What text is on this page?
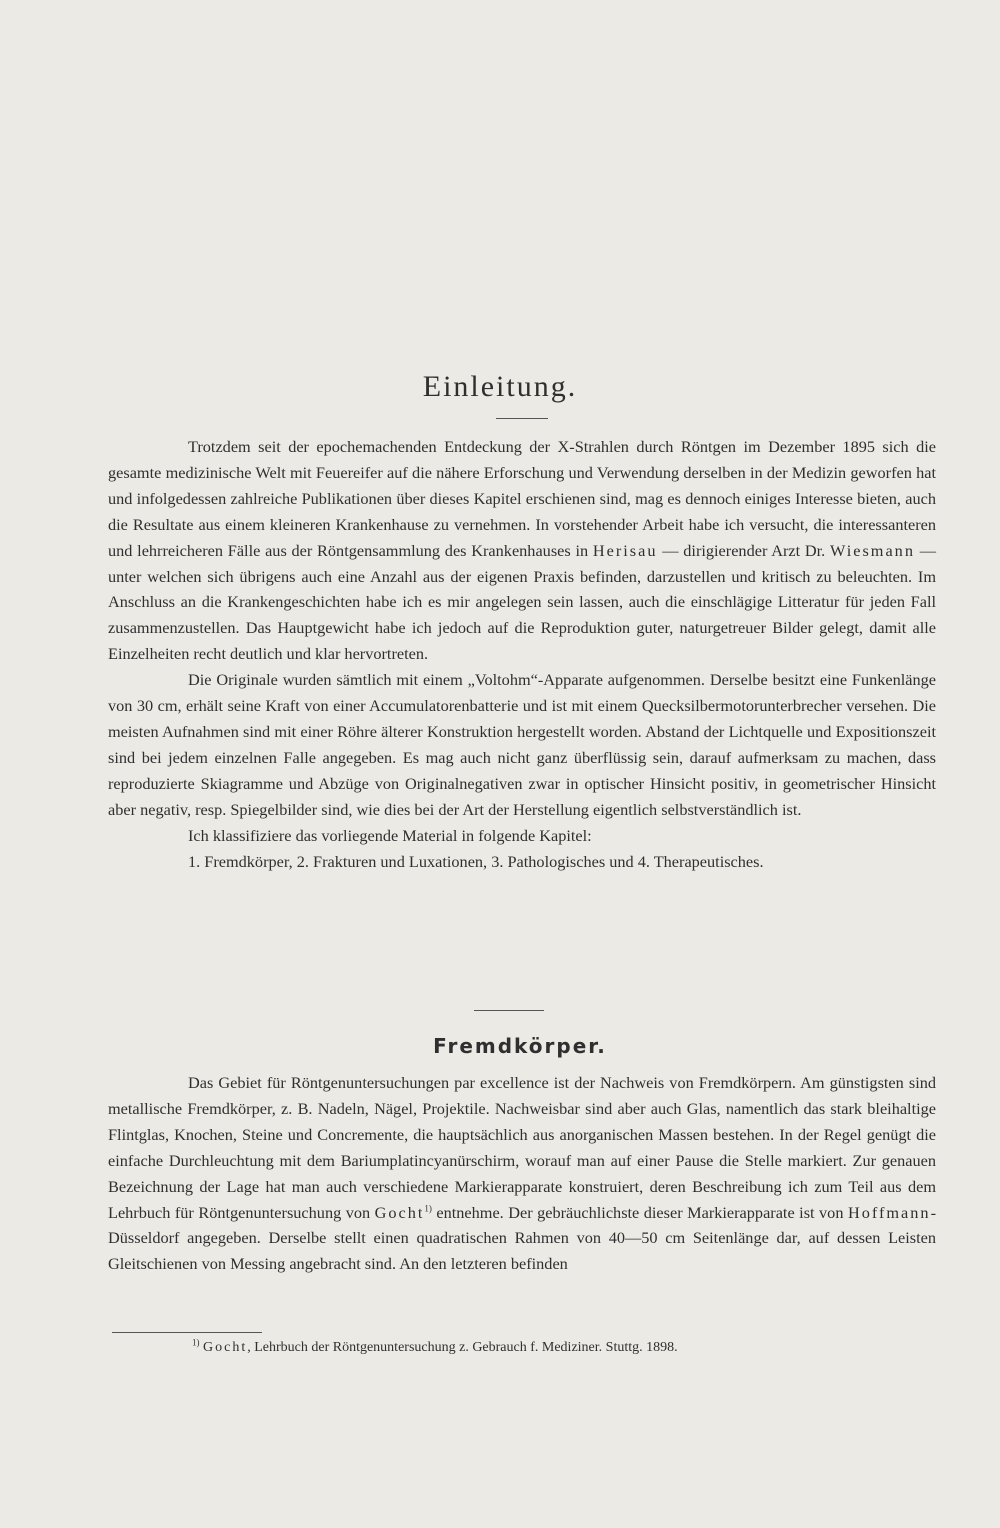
Einleitung.

Trotzdem seit der epochemachenden Entdeckung der X-Strahlen durch Röntgen im Dezember 1895 sich die gesamte medizinische Welt mit Feuereifer auf die nähere Erforschung und Verwendung derselben in der Medizin geworfen hat und infolgedessen zahlreiche Publikationen über dieses Kapitel erschienen sind, mag es dennoch einiges Interesse bieten, auch die Resultate aus einem kleineren Krankenhause zu vernehmen. In vorstehender Arbeit habe ich versucht, die interessanteren und lehrreicheren Fälle aus der Röntgensammlung des Krankenhauses in Herisau — dirigierender Arzt Dr. Wiesmann — unter welchen sich übrigens auch eine Anzahl aus der eigenen Praxis befinden, darzustellen und kritisch zu beleuchten. Im Anschluss an die Krankengeschichten habe ich es mir angelegen sein lassen, auch die einschlägige Litteratur für jeden Fall zusammenzustellen. Das Hauptgewicht habe ich jedoch auf die Reproduktion guter, naturgetreuer Bilder gelegt, damit alle Einzelheiten recht deutlich und klar hervortreten.

Die Originale wurden sämtlich mit einem „Voltohm“-Apparate aufgenommen. Derselbe besitzt eine Funkenlänge von 30 cm, erhält seine Kraft von einer Accumulatorenbatterie und ist mit einem Quecksilbermotorunterbrecher versehen. Die meisten Aufnahmen sind mit einer Röhre älterer Konstruktion hergestellt worden. Abstand der Lichtquelle und Expositionszeit sind bei jedem einzelnen Falle angegeben. Es mag auch nicht ganz überflüssig sein, darauf aufmerksam zu machen, dass reproduzierte Skiagramme und Abzüge von Originalnegativen zwar in optischer Hinsicht positiv, in geometrischer Hinsicht aber negativ, resp. Spiegelbilder sind, wie dies bei der Art der Herstellung eigentlich selbstverständlich ist.

Ich klassifiziere das vorliegende Material in folgende Kapitel:

1. Fremdkörper, 2. Frakturen und Luxationen, 3. Pathologisches und 4. Therapeutisches.

Fremdkörper.

Das Gebiet für Röntgenuntersuchungen par excellence ist der Nachweis von Fremdkörpern. Am günstigsten sind metallische Fremdkörper, z. B. Nadeln, Nägel, Projektile. Nachweisbar sind aber auch Glas, namentlich das stark bleihaltige Flintglas, Knochen, Steine und Concremente, die hauptsächlich aus anorganischen Massen bestehen. In der Regel genügt die einfache Durchleuchtung mit dem Bariumplatincyanürschirm, worauf man auf einer Pause die Stelle markiert. Zur genauen Bezeichnung der Lage hat man auch verschiedene Markierapparate konstruiert, deren Beschreibung ich zum Teil aus dem Lehrbuch für Röntgenuntersuchung von Gocht$^{1)}$ entnehme. Der gebräuchlichste dieser Markierapparate ist von Hoffmann-Düsseldorf angegeben. Derselbe stellt einen quadratischen Rahmen von 40—50 cm Seitenlänge dar, auf dessen Leisten Gleitschienen von Messing angebracht sind. An den letzteren befinden

$^{1)}$ Gocht, Lehrbuch der Röntgenuntersuchung z. Gebrauch f. Mediziner. Stuttg. 1898.
